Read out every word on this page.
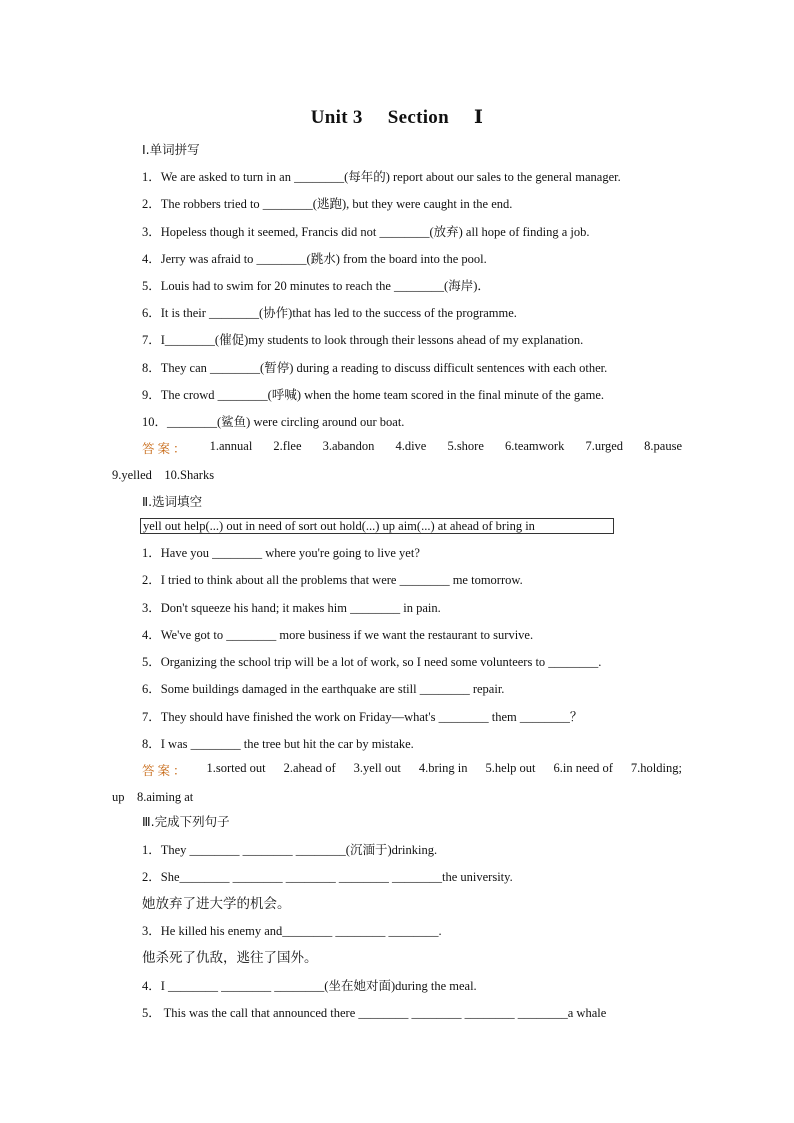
Unit 3 Section Ⅰ
Ⅰ.单词拼写
1．We are asked to turn in an ________(每年的) report about our sales to the general manager.
2．The robbers tried to ________(逃跑), but they were caught in the end.
3．Hopeless though it seemed, Francis did not ________(放弃) all hope of finding a job.
4．Jerry was afraid to ________(跳水) from the board into the pool.
5．Louis had to swim for 20 minutes to reach the ________(海岸)．
6．It is their ________(协作)that has led to the success of the programme.
7．I________(催促)my students to look through their lessons ahead of my explanation.
8．They can ________(暂停) during a reading to discuss difficult sentences with each other.
9．The crowd ________(呼喊) when the home team scored in the final minute of the game.
10．________(鲨鱼) were circling around our boat.
答案： 1.annual 2.flee 3.abandon 4.dive 5.shore 6.teamwork 7.urged 8.pause
9.yelled　10.Sharks
Ⅱ.选词填空
yell out help(...) out in need of sort out hold(...) up aim(...) at ahead of bring in
1．Have you ________ where you're going to live yet?
2．I tried to think about all the problems that were ________ me tomorrow.
3．Don't squeeze his hand; it makes him ________ in pain.
4．We've got to ________ more business if we want the restaurant to survive.
5．Organizing the school trip will be a lot of work, so I need some volunteers to ________.
6．Some buildings damaged in the earthquake are still ________ repair.
7．They should have finished the work on Friday—what's ________ them ________？
8．I was ________ the tree but hit the car by mistake.
答案： 1.sorted out 2.ahead of 3.yell out 4.bring in 5.help out 6.in need of 7.holding;
up　8.aiming at
Ⅲ.完成下列句子
1．They ________ ________ ________(沉湎于)drinking.
2．She________ ________ ________ ________ ________the university.
她放弃了进大学的机会。
3．He killed his enemy and________ ________ ________.
他杀死了仇敌，逃往了国外。
4．I ________ ________ ________(坐在她对面)during the meal.
5． This was the call that announced there ________ ________ ________ ________a whale
